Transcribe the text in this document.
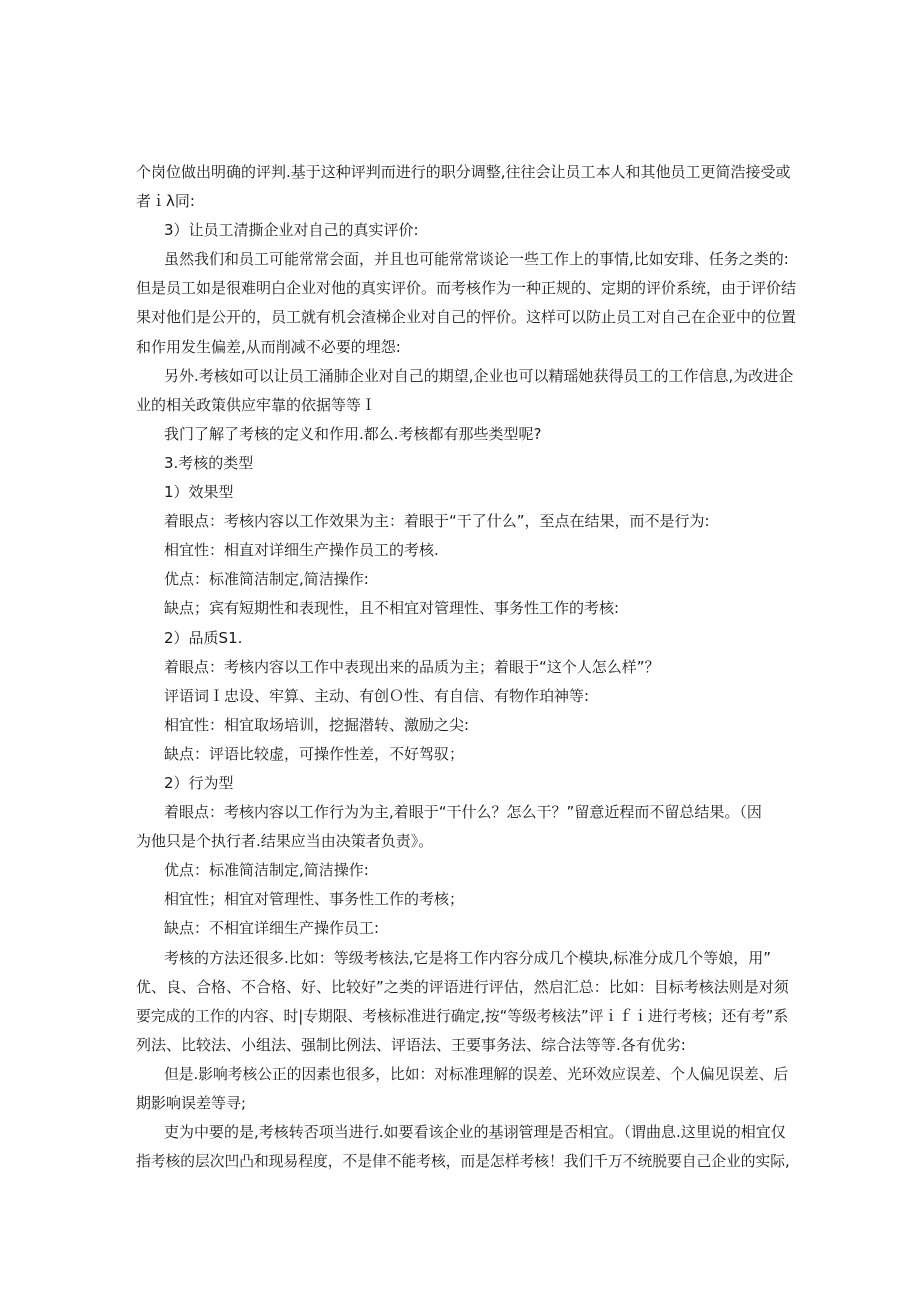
个岗位做出明确的评判.基于这种评判而进行的职分调整,往往会让员工本人和其他员工更简浩接受或
者ｉλ同:
3）让员工清撕企业对自己的真实评价:
虽然我们和员工可能常常会面，并且也可能常常谈论一些工作上的事情,比如安琲、任务之类的:
但是员工如是很难明白企业对他的真实评价。而考核作为一种正规的、定期的评价系统，由于评价结
果对他们是公开的，员工就有机会渣梯企业对自己的怦价。这样可以防止员工对自己在企亚中的位置
和作用发生偏差,从而削减不必要的埋怨:
另外.考核如可以让员工涌肺企业对自己的期望,企业也可以精瑶她获得员工的工作信息,为改进企
业的相关政策供应牢靠的依据等等Ｉ
我门了解了考核的定义和作用.都么.考核都有那些类型呢?
3.考核的类型
1）效果型
着眼点：考核内容以工作效果为主：着眼于“干了什么”，至点在结果，而不是行为:
相宜性：相直对详细生产操作员工的考核.
优点：标准简洁制定,简洁操作:
缺点；宾有短期性和表现性，且不相宜对管理性、事务性工作的考核:
2）品质S1.
着眼点：考核内容以工作中表现出来的品质为主；着眼于“这个人怎么样”？
评语词Ｉ忠设、牢算、主动、有创Ｏ性、有自信、有物作珀神等:
相宜性：相宜取场培训，挖掘潜转、激励之尖:
缺点：评语比较虚，可操作性差，不好驾驭；
2）行为型
着眼点：考核内容以工作行为为主,着眼于“干什么？怎么干？”留意近程而不留总结果。（因
为他只是个执行者.结果应当由决策者负责》。
优点：标准简洁制定,简洁操作:
相宜性；相宜对管理性、事务性工作的考核；
缺点：不相宜详细生产操作员工:
考核的方法还很多.比如：等级考核法,它是将工作内容分成几个模块,标准分成几个等娘，用”
优、良、合格、不合格、好、比较好”之类的评语进行评估，然启汇总：比如：目标考核法则是对须
要完成的工作的内容、时|专期限、考核标准进行确定,按“等级考核法”评ｉｆｉ进行考核；还有考”系
列法、比较法、小组法、强制比例法、评语法、王要事务法、综合法等等.各有优劣:
但是.影响考核公正的因素也很多，比如：对标准理解的误差、光环效应误差、个人偏见误差、后
期影响误差等寻;
吏为中要的是,考核转否项当进行.如要看该企业的基诩管理是否相宜。（谓曲息.这里说的相宜仅
指考核的层次凹凸和现易程度，不是侓不能考核，而是怎样考核！我们千万不统脱要自己企业的实际,
